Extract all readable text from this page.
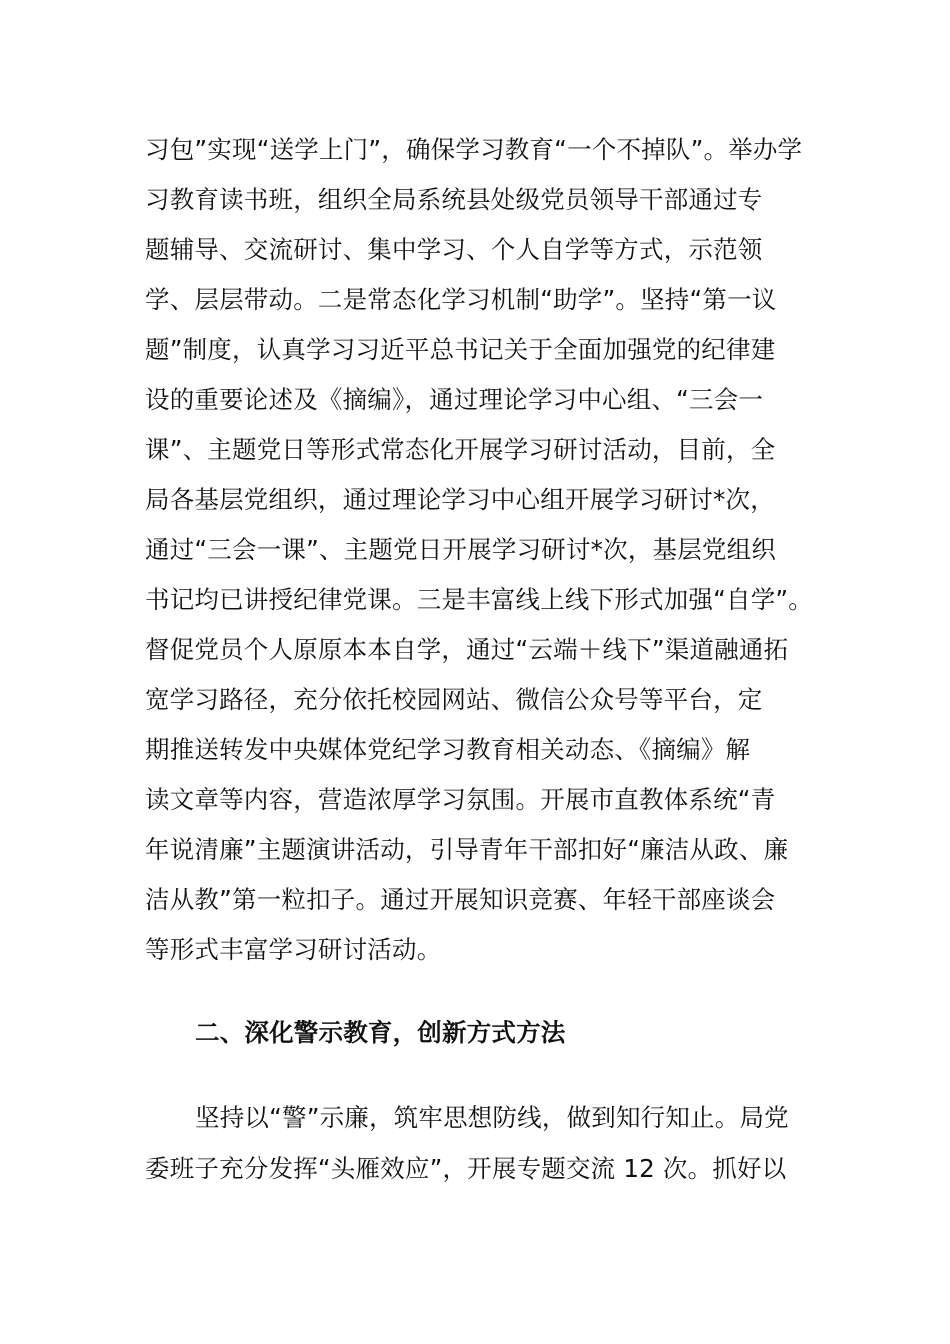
习包”实现“送学上门”，确保学习教育“一个不掉队”。举办学
习教育读书班，组织全局系统县处级党员领导干部通过专
题辅导、交流研讨、集中学习、个人自学等方式，示范领
学、层层带动。二是常态化学习机制“助学”。坚持“第一议
题”制度，认真学习习近平总书记关于全面加强党的纪律建
设的重要论述及《摘编》，通过理论学习中心组、“三会一
课”、主题党日等形式常态化开展学习研讨活动，目前，全
局各基层党组织，通过理论学习中心组开展学习研讨*次，
通过“三会一课”、主题党日开展学习研讨*次，基层党组织
书记均已讲授纪律党课。三是丰富线上线下形式加强“自学”。
督促党员个人原原本本自学，通过“云端＋线下”渠道融通拓
宽学习路径，充分依托校园网站、微信公众号等平台，定
期推送转发中央媒体党纪学习教育相关动态、《摘编》解
读文章等内容，营造浓厚学习氛围。开展市直教体系统“青
年说清廉”主题演讲活动，引导青年干部扣好“廉洁从政、廉
洁从教”第一粒扣子。通过开展知识竞赛、年轻干部座谈会
等形式丰富学习研讨活动。
二、深化警示教育，创新方式方法
坚持以“警”示廉，筑牢思想防线，做到知行知止。局党
委班子充分发挥“头雁效应”，开展专题交流 12 次。抓好以
